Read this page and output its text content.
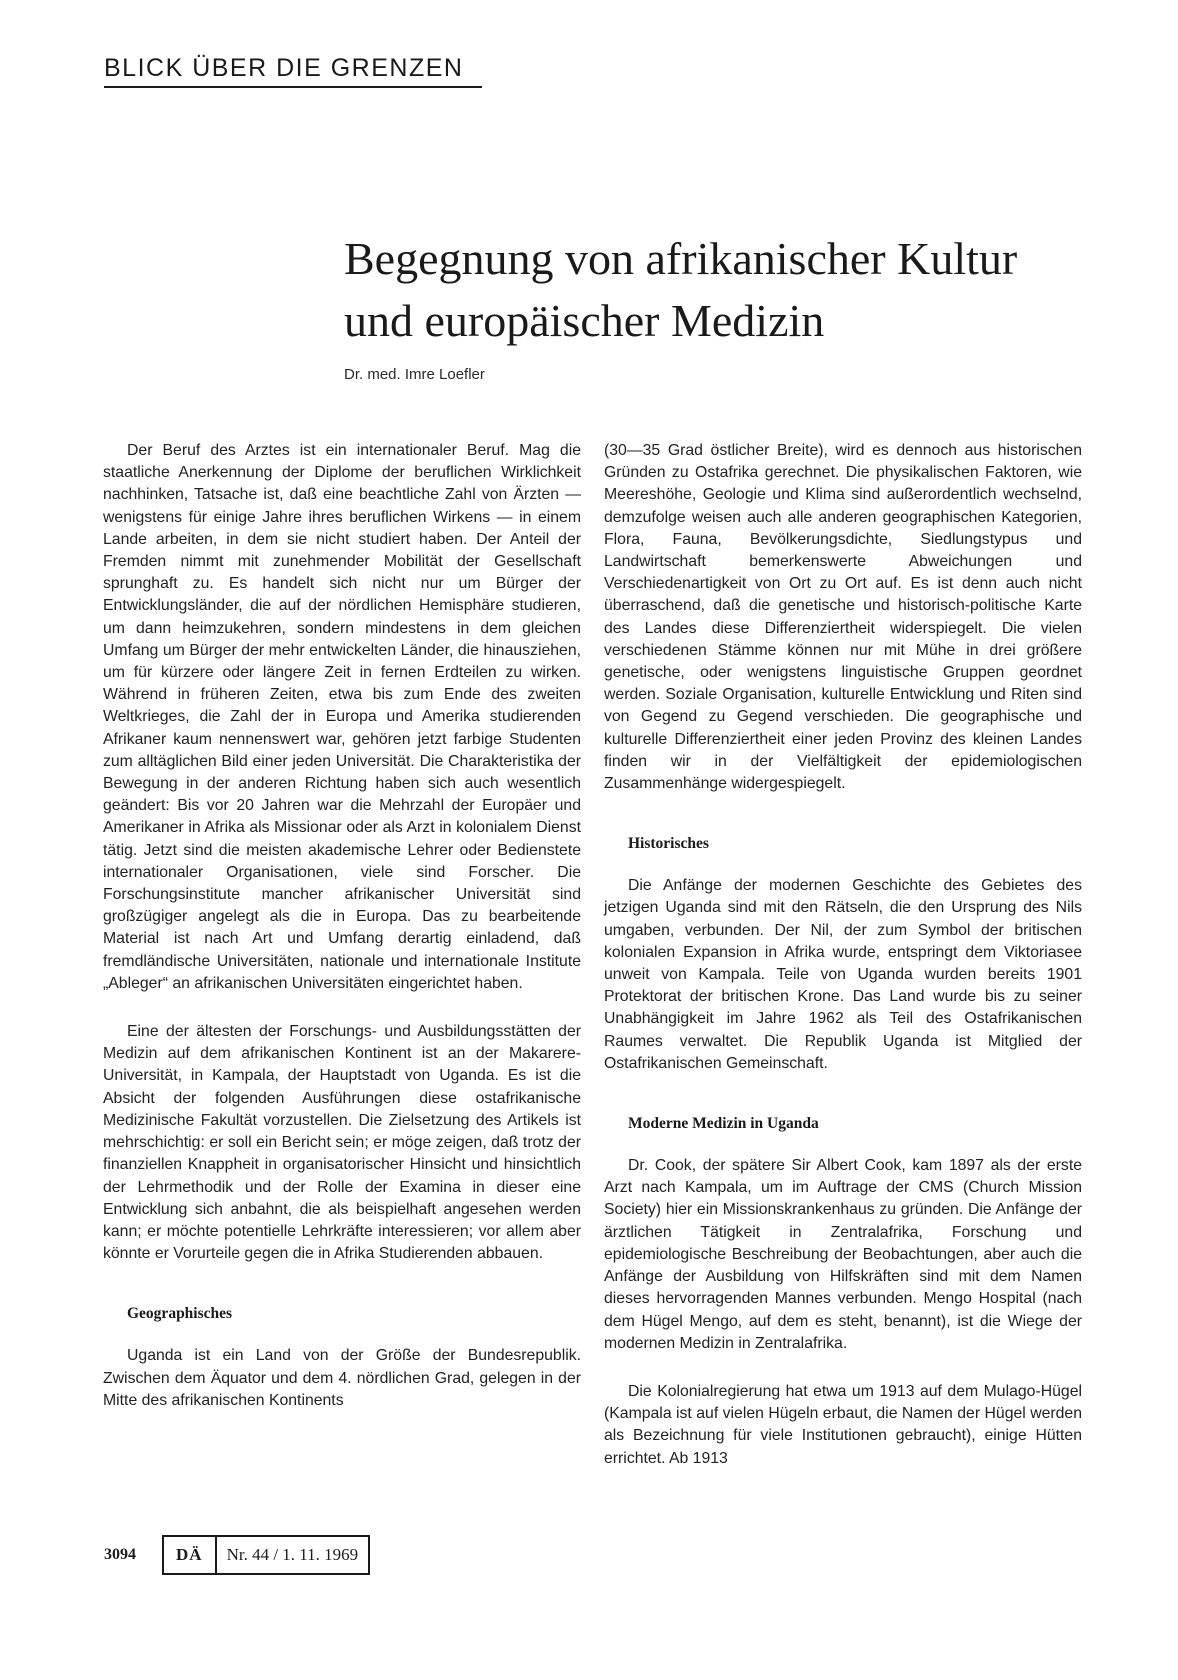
BLICK ÜBER DIE GRENZEN
Begegnung von afrikanischer Kultur
und europäischer Medizin
Dr. med. Imre Loefler

Der Beruf des Arztes ist ein internationaler Beruf. Mag die staatliche Anerkennung der Diplome der beruflichen Wirklichkeit nachhinken, Tatsache ist, daß eine beachtliche Zahl von Ärzten — wenigstens für einige Jahre ihres beruflichen Wirkens — in einem Lande arbeiten, in dem sie nicht studiert haben. Der Anteil der Fremden nimmt mit zunehmender Mobilität der Gesellschaft sprunghaft zu. Es handelt sich nicht nur um Bürger der Entwicklungsländer, die auf der nördlichen Hemisphäre studieren, um dann heimzukehren, sondern mindestens in dem gleichen Umfang um Bürger der mehr entwickelten Länder, die hinausziehen, um für kürzere oder längere Zeit in fernen Erdteilen zu wirken. Während in früheren Zeiten, etwa bis zum Ende des zweiten Weltkrieges, die Zahl der in Europa und Amerika studierenden Afrikaner kaum nennenswert war, gehören jetzt farbige Studenten zum alltäglichen Bild einer jeden Universität. Die Charakteristika der Bewegung in der anderen Richtung haben sich auch wesentlich geändert: Bis vor 20 Jahren war die Mehrzahl der Europäer und Amerikaner in Afrika als Missionar oder als Arzt in kolonialem Dienst tätig. Jetzt sind die meisten akademische Lehrer oder Bedienstete internationaler Organisationen, viele sind Forscher. Die Forschungsinstitute mancher afrikanischer Universität sind großzügiger angelegt als die in Europa. Das zu bearbeitende Material ist nach Art und Umfang derartig einladend, daß fremdländische Universitäten, nationale und internationale Institute „Ableger“ an afrikanischen Universitäten eingerichtet haben.

Eine der ältesten der Forschungs- und Ausbildungsstätten der Medizin auf dem afrikanischen Kontinent ist an der Makarere-Universität, in Kampala, der Hauptstadt von Uganda. Es ist die Absicht der folgenden Ausführungen diese ostafrikanische Medizinische Fakultät vorzustellen. Die Zielsetzung des Artikels ist mehrschichtig: er soll ein Bericht sein; er möge zeigen, daß trotz der finanziellen Knappheit in organisatorischer Hinsicht und hinsichtlich der Lehrmethodik und der Rolle der Examina in dieser eine Entwicklung sich anbahnt, die als beispielhaft angesehen werden kann; er möchte potentielle Lehrkräfte interessieren; vor allem aber könnte er Vorurteile gegen die in Afrika Studierenden abbauen.

Geographisches

Uganda ist ein Land von der Größe der Bundesrepublik. Zwischen dem Äquator und dem 4. nördlichen Grad, gelegen in der Mitte des afrikanischen Kontinents

(30—35 Grad östlicher Breite), wird es dennoch aus historischen Gründen zu Ostafrika gerechnet. Die physikalischen Faktoren, wie Meereshöhe, Geologie und Klima sind außerordentlich wechselnd, demzufolge weisen auch alle anderen geographischen Kategorien, Flora, Fauna, Bevölkerungsdichte, Siedlungstypus und Landwirtschaft bemerkenswerte Abweichungen und Verschiedenartigkeit von Ort zu Ort auf. Es ist denn auch nicht überraschend, daß die genetische und historisch-politische Karte des Landes diese Differenziertheit widerspiegelt. Die vielen verschiedenen Stämme können nur mit Mühe in drei größere genetische, oder wenigstens linguistische Gruppen geordnet werden. Soziale Organisation, kulturelle Entwicklung und Riten sind von Gegend zu Gegend verschieden. Die geographische und kulturelle Differenziertheit einer jeden Provinz des kleinen Landes finden wir in der Vielfältigkeit der epidemiologischen Zusammenhänge widergespiegelt.

Historisches

Die Anfänge der modernen Geschichte des Gebietes des jetzigen Uganda sind mit den Rätseln, die den Ursprung des Nils umgaben, verbunden. Der Nil, der zum Symbol der britischen kolonialen Expansion in Afrika wurde, entspringt dem Viktoriasee unweit von Kampala. Teile von Uganda wurden bereits 1901 Protektorat der britischen Krone. Das Land wurde bis zu seiner Unabhängigkeit im Jahre 1962 als Teil des Ostafrikanischen Raumes verwaltet. Die Republik Uganda ist Mitglied der Ostafrikanischen Gemeinschaft.

Moderne Medizin in Uganda

Dr. Cook, der spätere Sir Albert Cook, kam 1897 als der erste Arzt nach Kampala, um im Auftrage der CMS (Church Mission Society) hier ein Missionskrankenhaus zu gründen. Die Anfänge der ärztlichen Tätigkeit in Zentralafrika, Forschung und epidemiologische Beschreibung der Beobachtungen, aber auch die Anfänge der Ausbildung von Hilfskräften sind mit dem Namen dieses hervorragenden Mannes verbunden. Mengo Hospital (nach dem Hügel Mengo, auf dem es steht, benannt), ist die Wiege der modernen Medizin in Zentralafrika.

Die Kolonialregierung hat etwa um 1913 auf dem Mulago-Hügel (Kampala ist auf vielen Hügeln erbaut, die Namen der Hügel werden als Bezeichnung für viele Institutionen gebraucht), einige Hütten errichtet. Ab 1913

3094	DÄ	Nr. 44 / 1. 11. 1969
